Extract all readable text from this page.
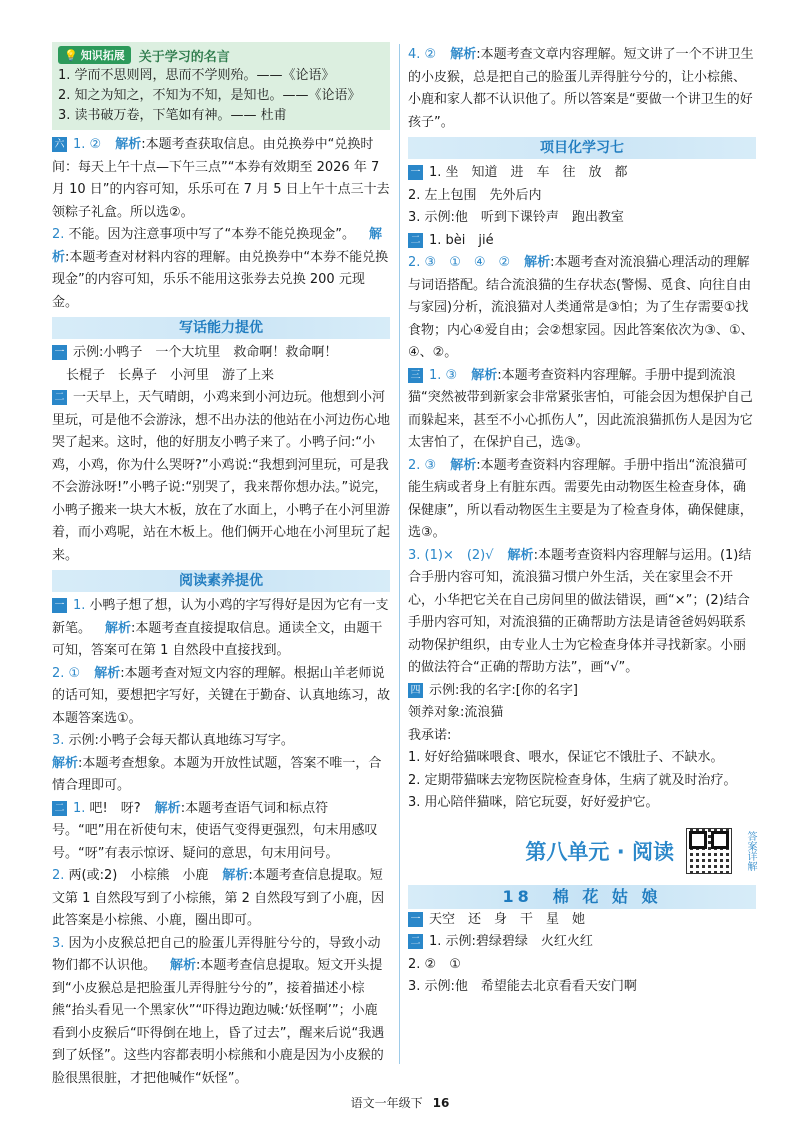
💡 知识拓展 关于学习的名言

1. 学而不思则罔，思而不学则殆。——《论语》

2. 知之为知之，不知为不知，是知也。——《论语》

3. 读书破万卷，下笔如有神。—— 杜甫

六 1. ② 解析:本题考查获取信息。由兑换券中“兑换时间：每天上午十点—下午三点”“本券有效期至 2026 年 7 月 10 日”的内容可知，乐乐可在 7 月 5 日上午十点三十去领粽子礼盒。所以选②。

2. 不能。因为注意事项中写了“本券不能兑换现金”。 解析:本题考查对材料内容的理解。由兑换券中“本券不能兑换现金”的内容可知，乐乐不能用这张券去兑换 200 元现金。

写话能力提优

一 示例:小鸭子　一个大坑里　救命啊！救命啊！

长棍子　长鼻子　小河里　游了上来

二 一天早上，天气晴朗，小鸡来到小河边玩。他想到小河里玩，可是他不会游泳，想不出办法的他站在小河边伤心地哭了起来。这时，他的好朋友小鸭子来了。小鸭子问:“小鸡，小鸡，你为什么哭呀?”小鸡说:“我想到河里玩，可是我不会游泳呀!”小鸭子说:“别哭了，我来帮你想办法。”说完，小鸭子搬来一块大木板，放在了水面上，小鸭子在小河里游着，而小鸡呢，站在木板上。他们俩开心地在小河里玩了起来。

阅读素养提优

一 1. 小鸭子想了想，认为小鸡的字写得好是因为它有一支新笔。 解析:本题考查直接提取信息。通读全文，由题干可知，答案可在第 1 自然段中直接找到。

2. ① 解析:本题考查对短文内容的理解。根据山羊老师说的话可知，要想把字写好，关键在于勤奋、认真地练习，故本题答案选①。

3. 示例:小鸭子会每天都认真地练习写字。

解析:本题考查想象。本题为开放性试题，答案不唯一，合情合理即可。

二 1. 吧!　呀? 解析:本题考查语气词和标点符号。“吧”用在祈使句末，使语气变得更强烈，句末用感叹号。“呀”有表示惊讶、疑问的意思，句末用问号。

2. 两(或:2)　小棕熊　小鹿 解析:本题考查信息提取。短文第 1 自然段写到了小棕熊，第 2 自然段写到了小鹿，因此答案是小棕熊、小鹿，圈出即可。

3. 因为小皮猴总把自己的脸蛋儿弄得脏兮兮的，导致小动物们都不认识他。 解析:本题考查信息提取。短文开头提到“小皮猴总是把脸蛋儿弄得脏兮兮的”，接着描述小棕熊“抬头看见一个黑家伙”“吓得边跑边喊:‘妖怪啊’”；小鹿看到小皮猴后“吓得倒在地上，昏了过去”，醒来后说“我遇到了妖怪”。这些内容都表明小棕熊和小鹿是因为小皮猴的脸很黑很脏，才把他喊作“妖怪”。

4. ② 解析:本题考查文章内容理解。短文讲了一个不讲卫生的小皮猴，总是把自己的脸蛋儿弄得脏兮兮的，让小棕熊、小鹿和家人都不认识他了。所以答案是“要做一个讲卫生的好孩子”。

项目化学习七

一 1. 坐　知道　进　车　往　放　都

2. 左上包围　先外后内

3. 示例:他　听到下课铃声　跑出教室

二 1. bèi　jié

2. ③　①　④　② 解析:本题考查对流浪猫心理活动的理解与词语搭配。结合流浪猫的生存状态(警惕、觅食、向往自由与家园)分析，流浪猫对人类通常是③怕；为了生存需要①找食物；内心④爱自由；会②想家园。因此答案依次为③、①、④、②。

三 1. ③ 解析:本题考查资料内容理解。手册中提到流浪猫“突然被带到新家会非常紧张害怕，可能会因为想保护自己而躲起来，甚至不小心抓伤人”，因此流浪猫抓伤人是因为它太害怕了，在保护自己，选③。

2. ③ 解析:本题考查资料内容理解。手册中指出“流浪猫可能生病或者身上有脏东西。需要先由动物医生检查身体，确保健康”，所以看动物医生主要是为了检查身体，确保健康，选③。

3. (1)×　(2)√ 解析:本题考查资料内容理解与运用。(1)结合手册内容可知，流浪猫习惯户外生活，关在家里会不开心，小华把它关在自己房间里的做法错误，画“×”；(2)结合手册内容可知，对流浪猫的正确帮助方法是请爸爸妈妈联系动物保护组织，由专业人士为它检查身体并寻找新家。小丽的做法符合“正确的帮助方法”，画“√”。

四 示例:我的名字:[你的名字]

领养对象:流浪猫

我承诺:

1. 好好给猫咪喂食、喂水，保证它不饿肚子、不缺水。

2. 定期带猫咪去宠物医院检查身体，生病了就及时治疗。

3. 用心陪伴猫咪，陪它玩耍，好好爱护它。

第八单元 · 阅读	答案详解
18　棉 花 姑 娘

一 天空　还　身　干　星　她

二 1. 示例:碧绿碧绿　火红火红

2. ②　①

3. 示例:他　希望能去北京看看天安门啊

语文一年级下 16
